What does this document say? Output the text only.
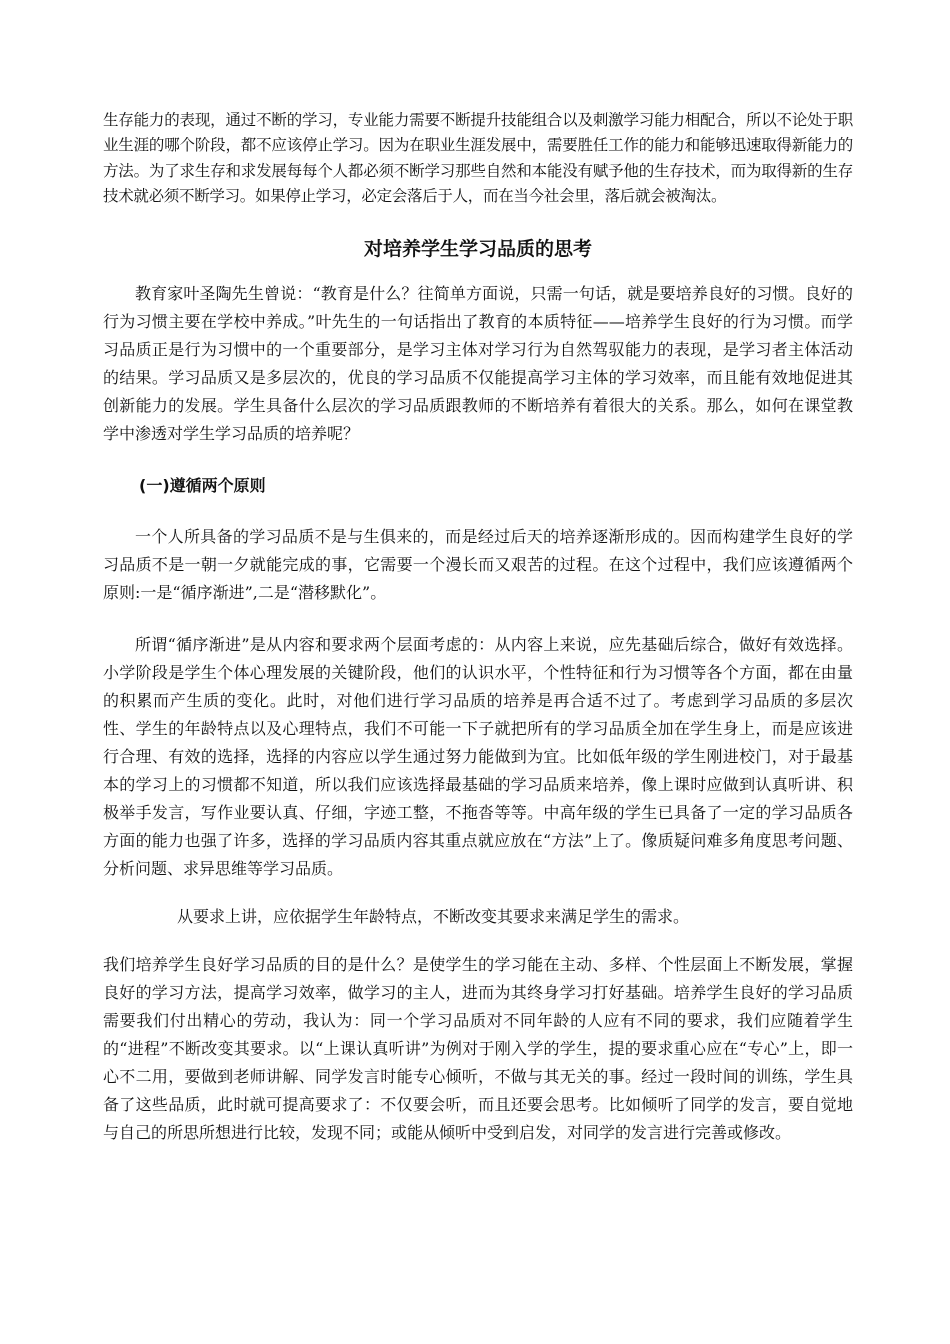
生存能力的表现，通过不断的学习，专业能力需要不断提升技能组合以及刺激学习能力相配合，所以不论处于职业生涯的哪个阶段，都不应该停止学习。因为在职业生涯发展中，需要胜任工作的能力和能够迅速取得新能力的方法。为了求生存和求发展每每个人都必须不断学习那些自然和本能没有赋予他的生存技术，而为取得新的生存技术就必须不断学习。如果停止学习，必定会落后于人，而在当今社会里，落后就会被淘汰。

对培养学生学习品质的思考

教育家叶圣陶先生曾说：“教育是什么？往简单方面说，只需一句话，就是要培养良好的习惯。良好的行为习惯主要在学校中养成。”叶先生的一句话指出了教育的本质特征——培养学生良好的行为习惯。而学习品质正是行为习惯中的一个重要部分，是学习主体对学习行为自然驾驭能力的表现，是学习者主体活动的结果。学习品质又是多层次的，优良的学习品质不仅能提高学习主体的学习效率，而且能有效地促进其创新能力的发展。学生具备什么层次的学习品质跟教师的不断培养有着很大的关系。那么，如何在课堂教学中渗透对学生学习品质的培养呢？

(一)遵循两个原则

一个人所具备的学习品质不是与生俱来的，而是经过后天的培养逐渐形成的。因而构建学生良好的学习品质不是一朝一夕就能完成的事，它需要一个漫长而又艰苦的过程。在这个过程中，我们应该遵循两个原则:一是“循序渐进”,二是“潜移默化”。

所谓“循序渐进”是从内容和要求两个层面考虑的：从内容上来说，应先基础后综合，做好有效选择。小学阶段是学生个体心理发展的关键阶段，他们的认识水平，个性特征和行为习惯等各个方面，都在由量的积累而产生质的变化。此时，对他们进行学习品质的培养是再合适不过了。考虑到学习品质的多层次性、学生的年龄特点以及心理特点，我们不可能一下子就把所有的学习品质全加在学生身上，而是应该进行合理、有效的选择，选择的内容应以学生通过努力能做到为宜。比如低年级的学生刚进校门，对于最基本的学习上的习惯都不知道，所以我们应该选择最基础的学习品质来培养，像上课时应做到认真听讲、积极举手发言，写作业要认真、仔细，字迹工整，不拖沓等等。中高年级的学生已具备了一定的学习品质各方面的能力也强了许多，选择的学习品质内容其重点就应放在“方法”上了。像质疑问难多角度思考问题、分析问题、求异思维等学习品质。

从要求上讲，应依据学生年龄特点，不断改变其要求来满足学生的需求。

我们培养学生良好学习品质的目的是什么？是使学生的学习能在主动、多样、个性层面上不断发展，掌握良好的学习方法，提高学习效率，做学习的主人，进而为其终身学习打好基础。培养学生良好的学习品质需要我们付出精心的劳动，我认为：同一个学习品质对不同年龄的人应有不同的要求，我们应随着学生的“进程”不断改变其要求。以“上课认真听讲”为例对于刚入学的学生，提的要求重心应在“专心”上，即一心不二用，要做到老师讲解、同学发言时能专心倾听，不做与其无关的事。经过一段时间的训练，学生具备了这些品质，此时就可提高要求了：不仅要会听，而且还要会思考。比如倾听了同学的发言，要自觉地与自己的所思所想进行比较，发现不同；或能从倾听中受到启发，对同学的发言进行完善或修改。
